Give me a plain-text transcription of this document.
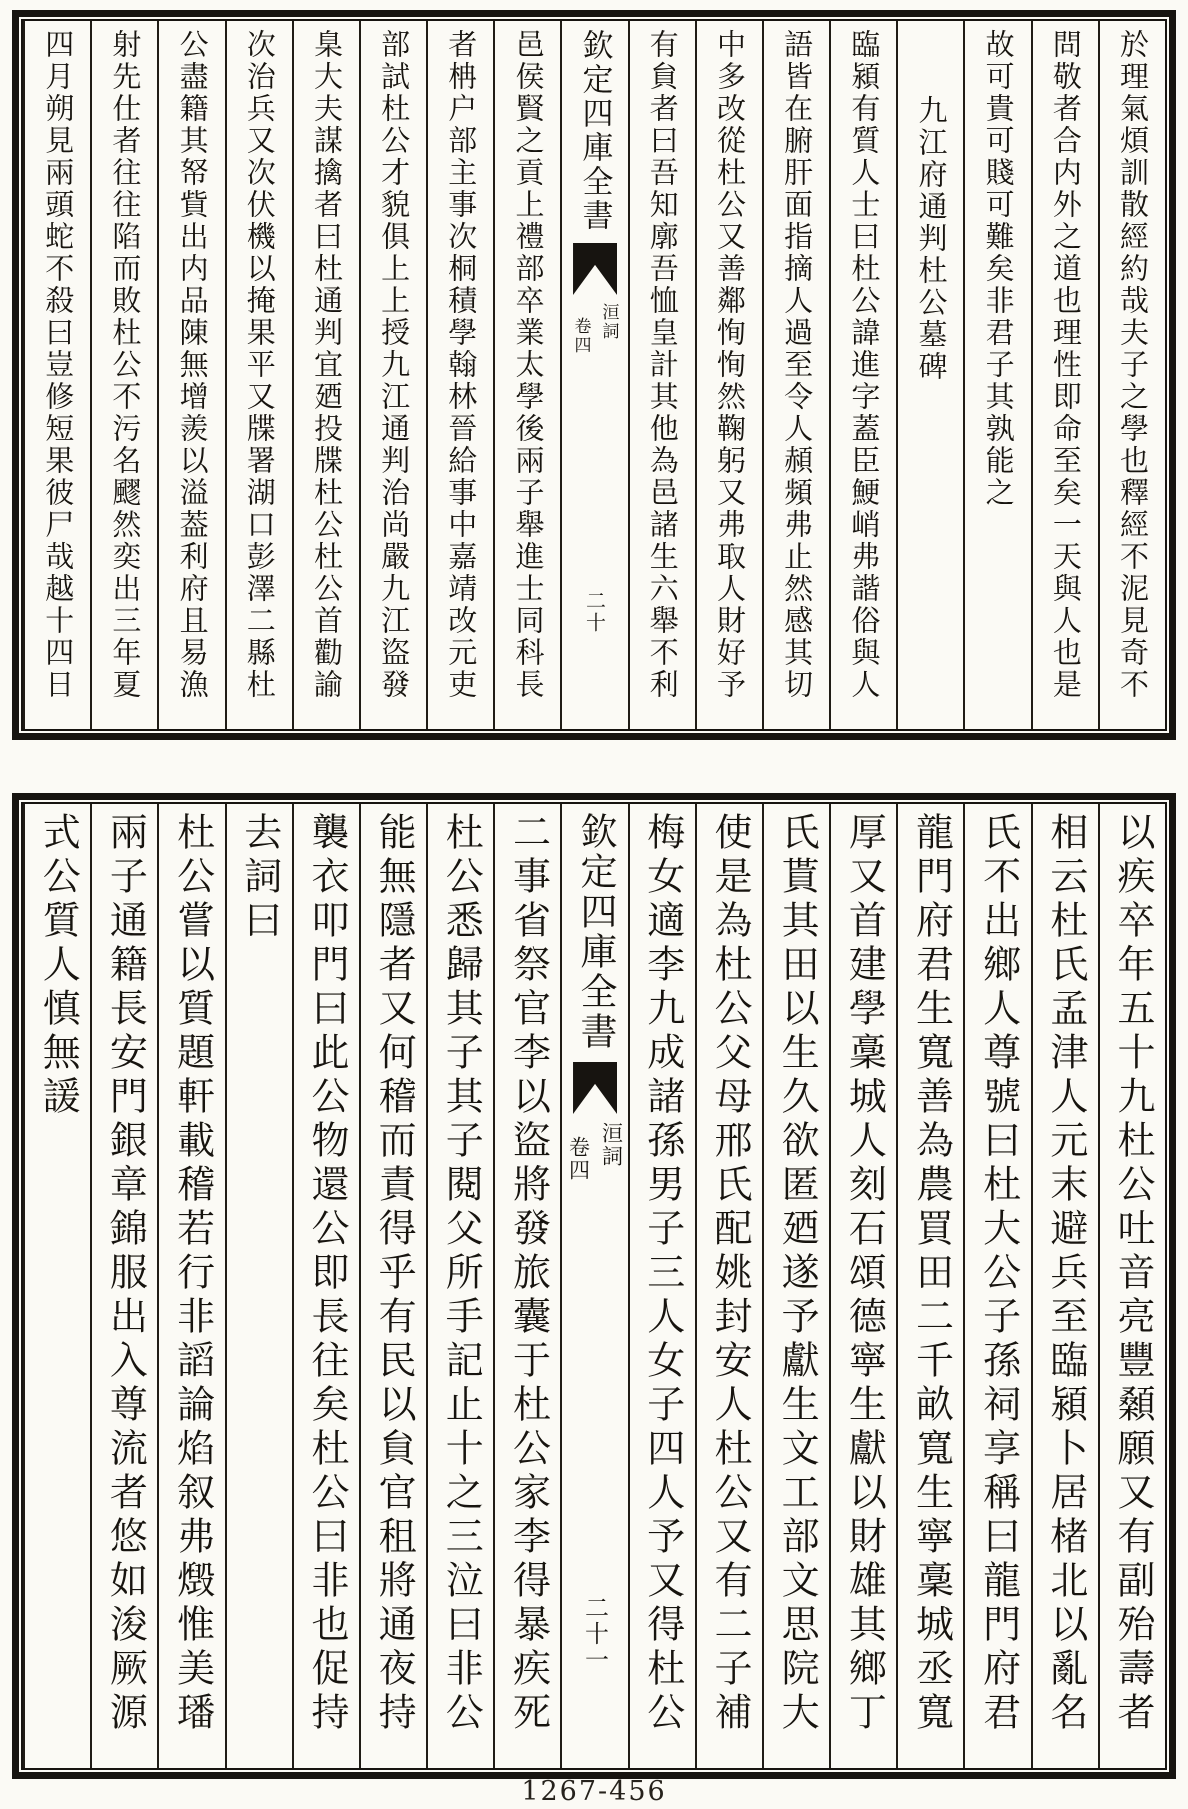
於理氣煩訓散經約哉夫子之學也釋經不泥見奇不
問敬者合内外之道也理性即命至矣一天與人也是
故可貴可賤可難矣非君子其孰能之
九江府通判杜公墓碑
臨潁有質人士曰杜公諱進字蓋臣鯁峭弗諧俗與人
語皆在腑肝面指摘人過至令人頳頻弗止然感其切
中多改從杜公又善鄰恂恂然鞠躬又弗取人財好予
有貟者曰吾知廓吾恤皇計其他為邑諸生六舉不利
欽定四庫全書
洹詞
卷四
二十
邑侯賢之貢上禮部卒業太學後兩子舉進士同科長
者柟户部主事次桐積學翰林晉給事中嘉靖改元吏
部試杜公才貌俱上上授九江通判治尚嚴九江盜發
臬大夫謀擒者曰杜通判宜廼投牒杜公杜公首勸諭
次治兵又次伏機以掩果平又牒署湖口彭澤二縣杜
公盡籍其帑貲出内品陳無增羨以溢葢利府且易漁
射先仕者往往陷而敗杜公不污名飂然奕出三年夏
四月朔見兩頭蛇不殺曰豈修短果彼尸哉越十四日
以疾卒年五十九杜公吐音亮豐顙願又有副殆壽者
相云杜氏孟津人元末避兵至臨潁卜居楮北以亂名
氏不出鄉人尊號曰杜大公子孫祠享稱曰龍門府君
龍門府君生寬善為農買田二千畝寬生寧稾城丞寬
厚又首建學稾城人刻石頌德寧生獻以財雄其鄉丁
氏貰其田以生久欲匿廼遂予獻生文工部文思院大
使是為杜公父母邢氏配姚封安人杜公又有二子補
梅女適李九成諸孫男子三人女子四人予又得杜公
欽定四庫全書
洹詞
卷四
二十一
二事省祭官李以盜將發旅囊于杜公家李得暴疾死
杜公悉歸其子其子閱父所手記止十之三泣曰非公
能無隱者又何稽而責得乎有民以貟官租將通夜持
襲衣叩門曰此公物還公即長往矣杜公曰非也促持
去詞曰
杜公嘗以質題軒載稽若行非謟論焰叙弗燬惟美璠
兩子通籍長安門銀章錦服出入尊流者悠如浚厥源
式公質人慎無諼
1267-456
